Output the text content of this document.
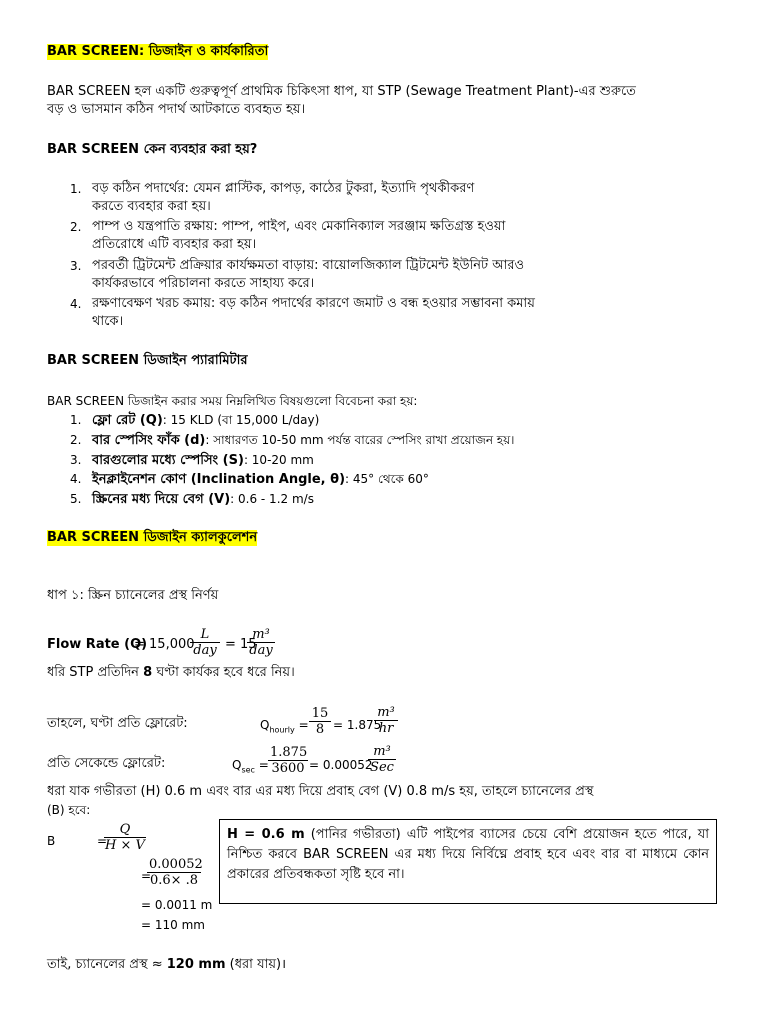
BAR SCREEN: ডিজাইন ও কার্যকারিতা
BAR SCREEN হল একটি গুরুত্বপূর্ণ প্রাথমিক চিকিৎসা ধাপ, যা STP (Sewage Treatment Plant)-এর শুরুতে
বড় ও ভাসমান কঠিন পদার্থ আটকাতে ব্যবহৃত হয়।
BAR SCREEN কেন ব্যবহার করা হয়?
1. বড় কঠিন পদার্থের: যেমন প্লাস্টিক, কাপড়, কাঠের টুকরা, ইত্যাদি পৃথকীকরণ
করতে ব্যবহার করা হয়।
2. পাম্প ও যন্ত্রপাতি রক্ষায়: পাম্প, পাইপ, এবং মেকানিক্যাল সরঞ্জাম ক্ষতিগ্রস্ত হওয়া
প্রতিরোধে এটি ব্যবহার করা হয়।
3. পরবর্তী ট্রিটমেন্ট প্রক্রিয়ার কার্যক্ষমতা বাড়ায়: বায়োলজিক্যাল ট্রিটমেন্ট ইউনিট আরও
কার্যকরভাবে পরিচালনা করতে সাহায্য করে।
4. রক্ষণাবেক্ষণ খরচ কমায়: বড় কঠিন পদার্থের কারণে জমাট ও বন্ধ হওয়ার সম্ভাবনা কমায়
থাকে।
BAR SCREEN ডিজাইন প্যারামিটার
BAR SCREEN ডিজাইন করার সময় নিম্নলিখিত বিষয়গুলো বিবেচনা করা হয়:
1. ফ্লো রেট (Q): 15 KLD (বা 15,000 L/day)
2. বার স্পেসিং ফাঁক (d): সাধারণত 10-50 mm পর্যন্ত বারের স্পেসিং রাখা প্রয়োজন হয়।
3. বারগুলোর মধ্যে স্পেসিং (S): 10-20 mm
4. ইনক্লাইনেশন কোণ (Inclination Angle, θ): 45° থেকে 60°
5. স্ক্রিনের মধ্য দিয়ে বেগ (V): 0.6 - 1.2 m/s
BAR SCREEN ডিজাইন ক্যালকুলেশন
ধাপ ১: স্ক্রিন চ্যানেলের প্রস্থ নির্ণয়
Flow Rate (Q)
= 15,000
L
day = 15
m³
day
ধরি STP প্রতিদিন 8 ঘণ্টা কার্যকর হবে ধরে নিয়।
তাহলে, ঘণ্টা প্রতি ফ্লোরেট:	$Q_{hourly} = \frac{15}{8} = 1.875$
$\frac{\text{m³}}{hr}$
প্রতি সেকেন্ডে ফ্লোরেট:	$Q_{sec} = \frac{1.875}{3600} = 0.00052$
m³
Sec
ধরা যাক গভীরতা (H) 0.6 m এবং বার এর মধ্য দিয়ে প্রবাহ বেগ (V) 0.8 m/s হয়, তাহলে চ্যানেলের প্রস্থ
(B) হবে:
B	=
$\frac{Q}{H \times V}$
=
$\frac{0.00052}{0.6\times .8}$
= 0.0011 m
= 110 mm
H = 0.6 m (পানির গভীরতা) এটি পাইপের ব্যাসের চেয়ে বেশি প্রয়োজন হতে পারে, যা নিশ্চিত করবে BAR SCREEN এর মধ্য দিয়ে নির্বিঘ্নে প্রবাহ হবে এবং বার বা মাধ্যমে কোন প্রকারের প্রতিবন্ধকতা সৃষ্টি হবে না।
তাই, চ্যানেলের প্রস্থ ≈ 120 mm (ধরা যায়)।
